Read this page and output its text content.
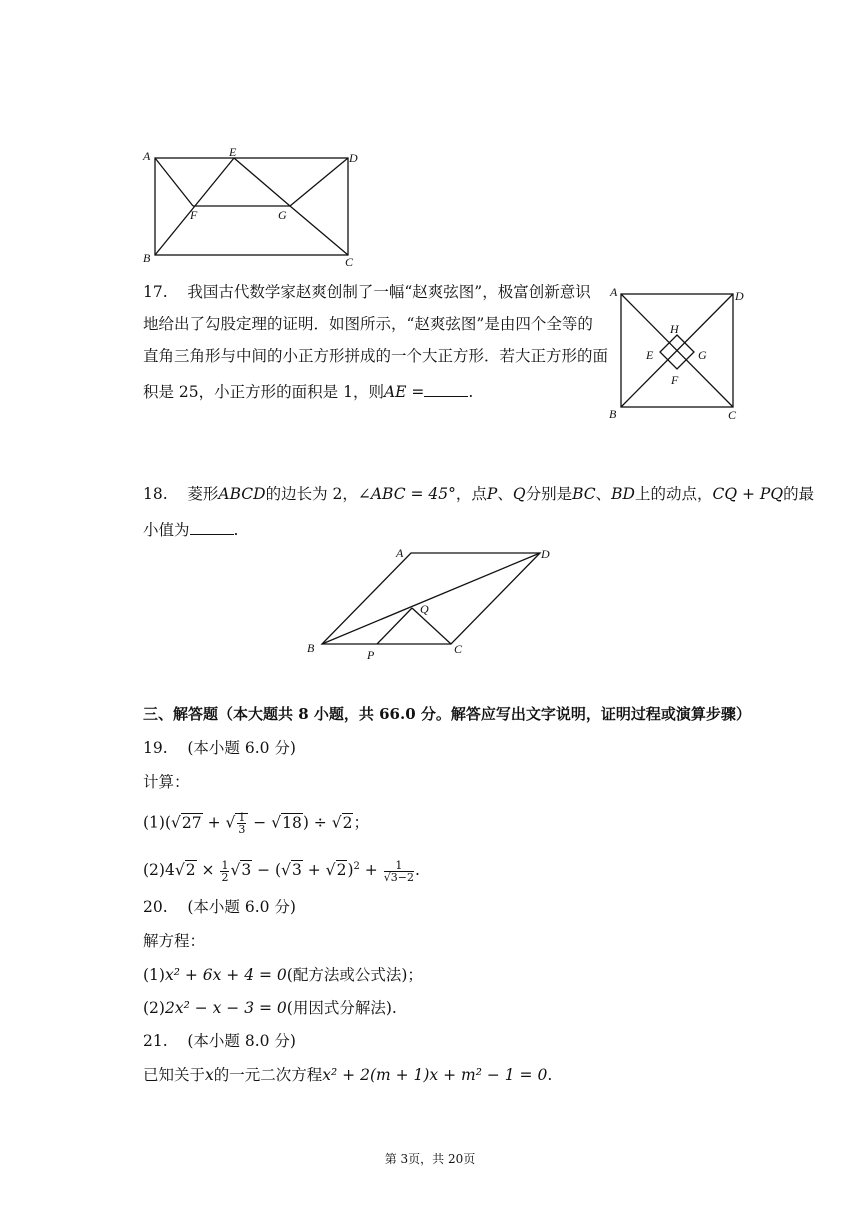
A	E	D
F	G
B	C
17. 我国古代数学家赵爽创制了一幅“赵爽弦图”，极富创新意识
地给出了勾股定理的证明．如图所示，“赵爽弦图”是由四个全等的
直角三角形与中间的小正方形拼成的一个大正方形．若大正方形的面
积是 25，小正方形的面积是 1，则AE =	.
A	D
H
E	G
F
B	C
18. 菱形ABCD的边长为 2，∠ABC = 45°，点P、Q分别是BC、BD上的动点，CQ + PQ的最
小值为	.
A	D
Q
B	P	C
三、解答题（本大题共 8 小题，共 66.0 分。解答应写出文字说明，证明过程或演算步骤）
19. (本小题 6.0 分)
计算：
(1)(√27 + √ $\frac{1}{3} - √18) \div √2$；
$(2)4√2 \times \frac{1}{2} √3 - (√3 + √2)^2 + \frac{1}{√3-2}$ .
20. (本小题 6.0 分)
解方程：
(1)x² + 6x + 4 = 0(配方法或公式法)；
(2)2x² − x − 3 = 0(用因式分解法).
21. (本小题 8.0 分)
已知关于x的一元二次方程x² + 2(m + 1)x + m² − 1 = 0.
第 3页，共 20页
